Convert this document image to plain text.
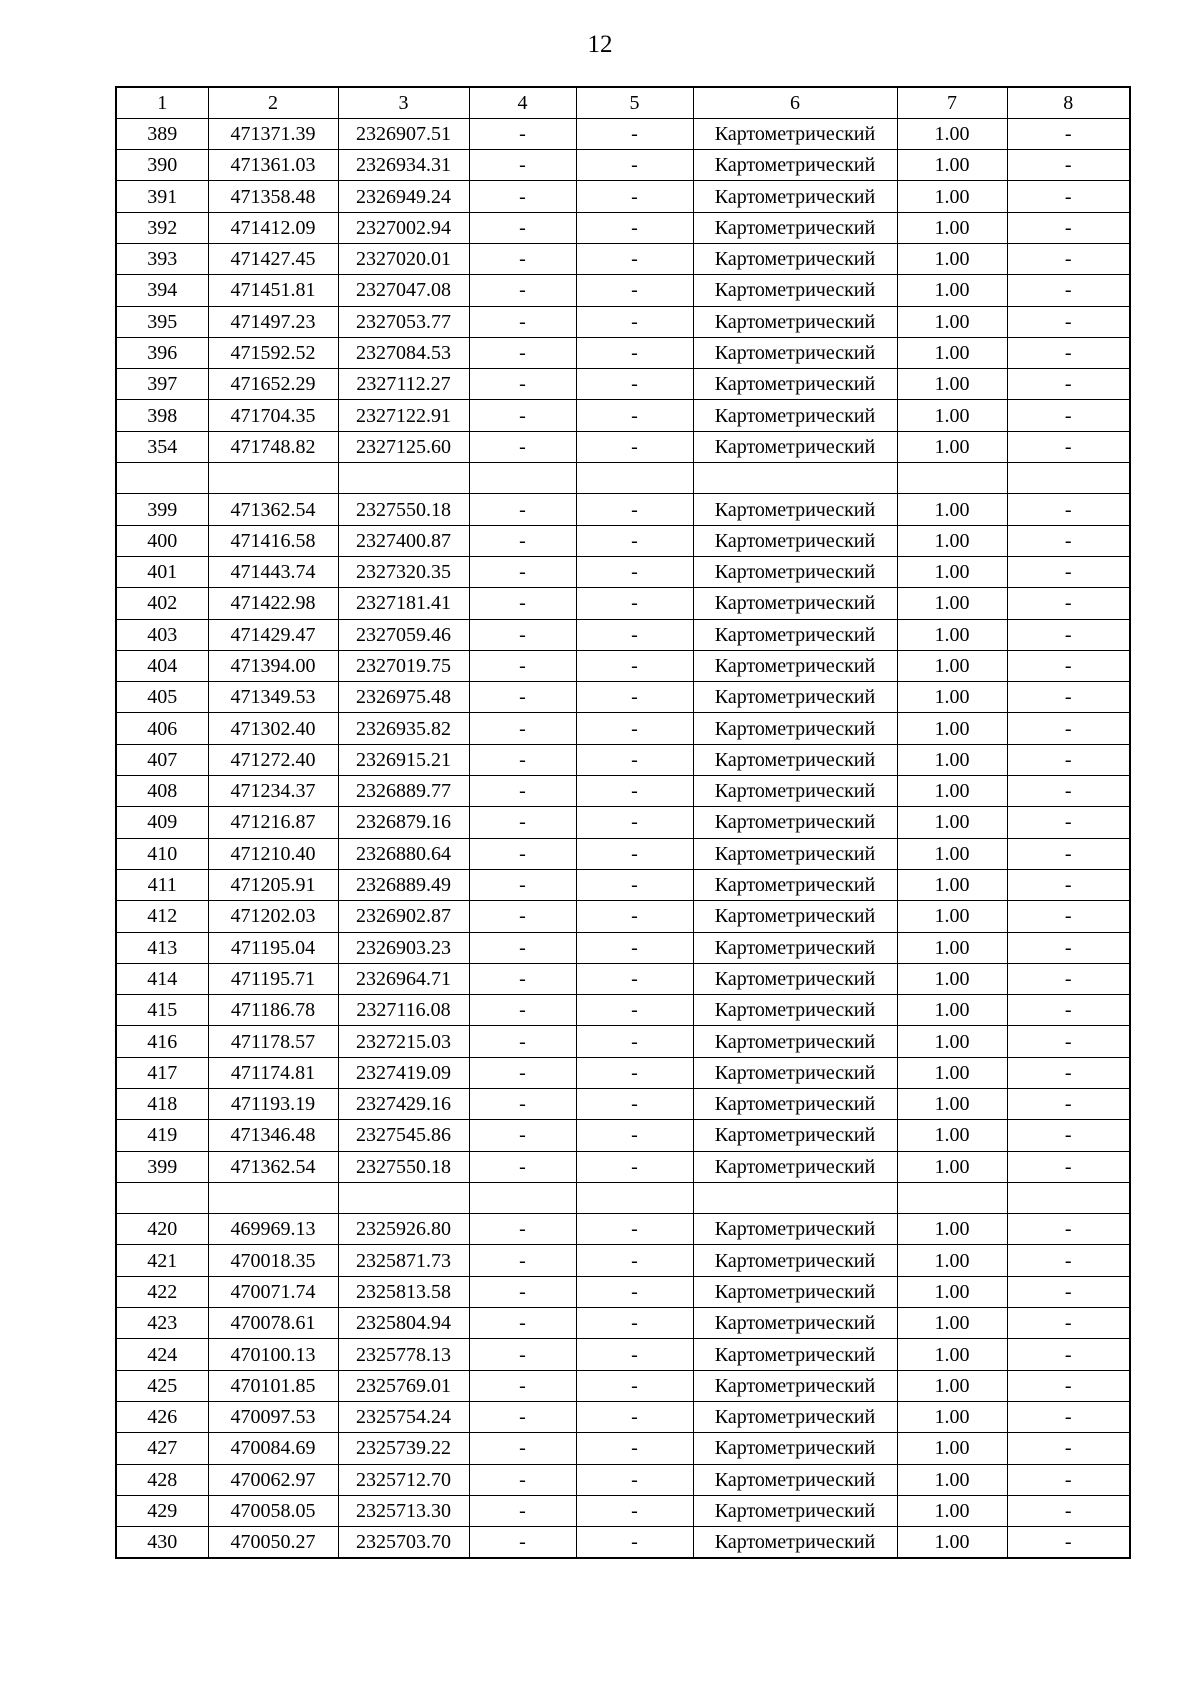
12
1	2	3	4	5	6	7	8
389	471371.39	2326907.51	-	-	Картометрический	1.00	-
390	471361.03	2326934.31	-	-	Картометрический	1.00	-
391	471358.48	2326949.24	-	-	Картометрический	1.00	-
392	471412.09	2327002.94	-	-	Картометрический	1.00	-
393	471427.45	2327020.01	-	-	Картометрический	1.00	-
394	471451.81	2327047.08	-	-	Картометрический	1.00	-
395	471497.23	2327053.77	-	-	Картометрический	1.00	-
396	471592.52	2327084.53	-	-	Картометрический	1.00	-
397	471652.29	2327112.27	-	-	Картометрический	1.00	-
398	471704.35	2327122.91	-	-	Картометрический	1.00	-
354	471748.82	2327125.60	-	-	Картометрический	1.00	-

399	471362.54	2327550.18	-	-	Картометрический	1.00	-
400	471416.58	2327400.87	-	-	Картометрический	1.00	-
401	471443.74	2327320.35	-	-	Картометрический	1.00	-
402	471422.98	2327181.41	-	-	Картометрический	1.00	-
403	471429.47	2327059.46	-	-	Картометрический	1.00	-
404	471394.00	2327019.75	-	-	Картометрический	1.00	-
405	471349.53	2326975.48	-	-	Картометрический	1.00	-
406	471302.40	2326935.82	-	-	Картометрический	1.00	-
407	471272.40	2326915.21	-	-	Картометрический	1.00	-
408	471234.37	2326889.77	-	-	Картометрический	1.00	-
409	471216.87	2326879.16	-	-	Картометрический	1.00	-
410	471210.40	2326880.64	-	-	Картометрический	1.00	-
411	471205.91	2326889.49	-	-	Картометрический	1.00	-
412	471202.03	2326902.87	-	-	Картометрический	1.00	-
413	471195.04	2326903.23	-	-	Картометрический	1.00	-
414	471195.71	2326964.71	-	-	Картометрический	1.00	-
415	471186.78	2327116.08	-	-	Картометрический	1.00	-
416	471178.57	2327215.03	-	-	Картометрический	1.00	-
417	471174.81	2327419.09	-	-	Картометрический	1.00	-
418	471193.19	2327429.16	-	-	Картометрический	1.00	-
419	471346.48	2327545.86	-	-	Картометрический	1.00	-
399	471362.54	2327550.18	-	-	Картометрический	1.00	-

420	469969.13	2325926.80	-	-	Картометрический	1.00	-
421	470018.35	2325871.73	-	-	Картометрический	1.00	-
422	470071.74	2325813.58	-	-	Картометрический	1.00	-
423	470078.61	2325804.94	-	-	Картометрический	1.00	-
424	470100.13	2325778.13	-	-	Картометрический	1.00	-
425	470101.85	2325769.01	-	-	Картометрический	1.00	-
426	470097.53	2325754.24	-	-	Картометрический	1.00	-
427	470084.69	2325739.22	-	-	Картометрический	1.00	-
428	470062.97	2325712.70	-	-	Картометрический	1.00	-
429	470058.05	2325713.30	-	-	Картометрический	1.00	-
430	470050.27	2325703.70	-	-	Картометрический	1.00	-
